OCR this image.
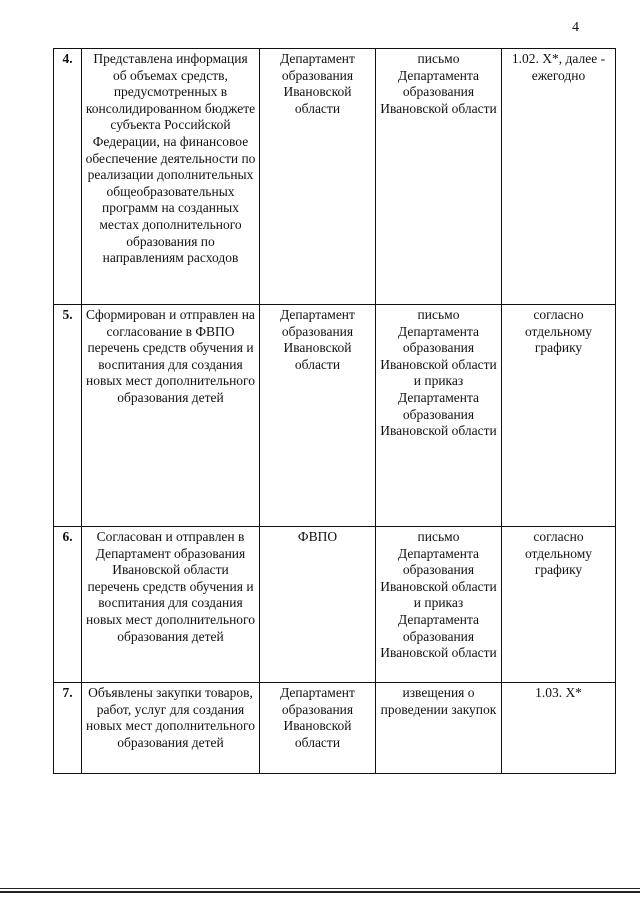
4
4.	Представлена информация об объемах средств, предусмотренных в консолидированном бюджете субъекта Российской Федерации, на финансовое обеспечение деятельности по реализации дополнительных общеобразовательных программ на созданных местах дополнительного образования по направлениям расходов	Департамент образования Ивановской области	письмо Департамента образования Ивановской области	1.02. Х*, далее - ежегодно
5.	Сформирован и отправлен на согласование в ФВПО перечень средств обучения и воспитания для создания новых мест дополнительного образования детей	Департамент образования Ивановской области	письмо Департамента образования Ивановской области и приказ Департамента образования Ивановской области	согласно отдельному графику
6.	Согласован и отправлен в Департамент образования Ивановской области перечень средств обучения и воспитания для создания новых мест дополнительного образования детей	ФВПО	письмо Департамента образования Ивановской области и приказ Департамента образования Ивановской области	согласно отдельному графику
7.	Объявлены закупки товаров, работ, услуг для создания новых мест дополнительного образования детей	Департамент образования Ивановской области	извещения о проведении закупок	1.03. Х*
